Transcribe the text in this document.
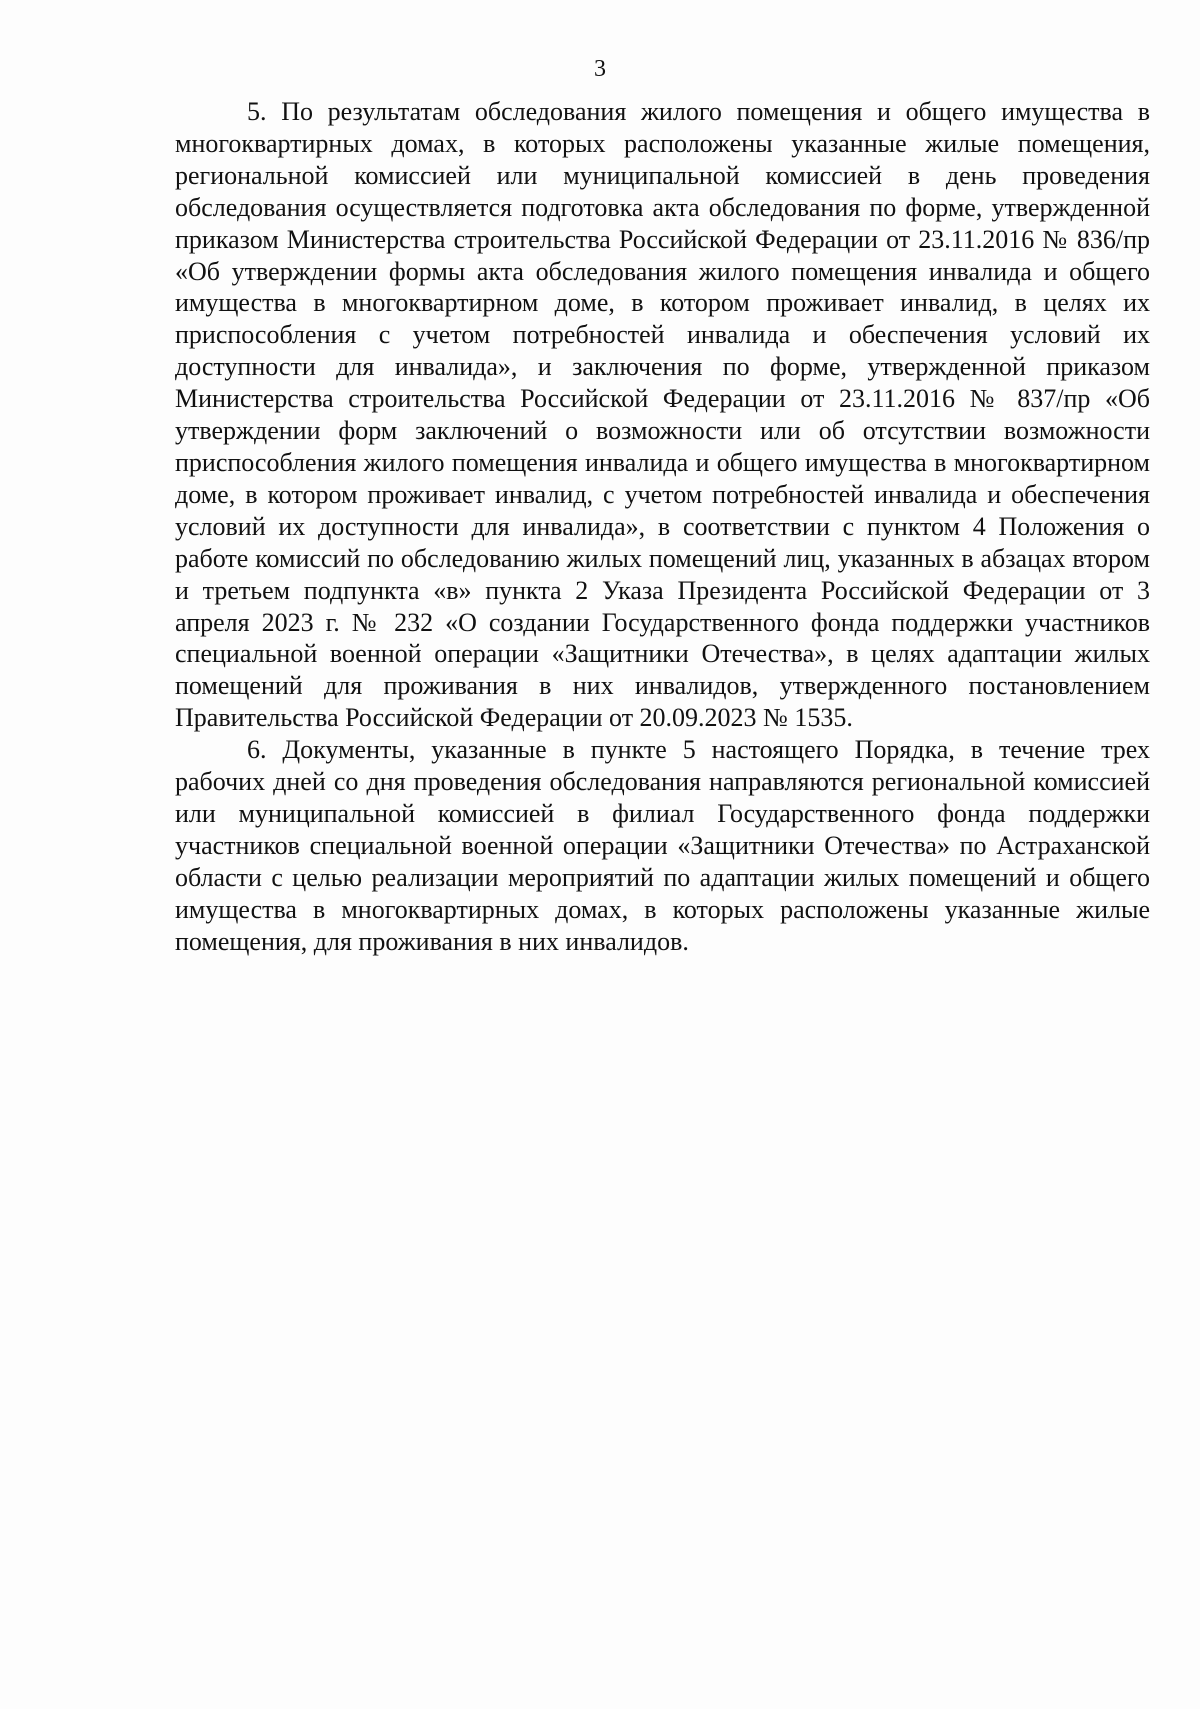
3

5. По результатам обследования жилого помещения и общего имущества в многоквартирных домах, в которых расположены указанные жилые помещения, региональной комиссией или муниципальной комиссией в день проведения обследования осуществляется подготовка акта обследования по форме, утвержденной приказом Министерства строительства Российской Федерации от 23.11.2016 № 836/пр «Об утверждении формы акта обследования жилого помещения инвалида и общего имущества в многоквартирном доме, в котором проживает инвалид, в целях их приспособления с учетом потребностей инвалида и обеспечения условий их доступности для инвалида», и заключения по форме, утвержденной приказом Министерства строительства Российской Федерации от 23.11.2016 № 837/пр «Об утверждении форм заключений о возможности или об отсутствии возможности приспособления жилого помещения инвалида и общего имущества в многоквартирном доме, в котором проживает инвалид, с учетом потребностей инвалида и обеспечения условий их доступности для инвалида», в соответствии с пунктом 4 Положения о работе комиссий по обследованию жилых помещений лиц, указанных в абзацах втором и третьем подпункта «в» пункта 2 Указа Президента Российской Федерации от 3 апреля 2023 г. № 232 «О создании Государственного фонда поддержки участников специальной военной операции «Защитники Отечества», в целях адаптации жилых помещений для проживания в них инвалидов, утвержденного постановлением Правительства Российской Федерации от 20.09.2023 № 1535.

6. Документы, указанные в пункте 5 настоящего Порядка, в течение трех рабочих дней со дня проведения обследования направляются региональной комиссией или муниципальной комиссией в филиал Государственного фонда поддержки участников специальной военной операции «Защитники Отечества» по Астраханской области с целью реализации мероприятий по адаптации жилых помещений и общего имущества в многоквартирных домах, в которых расположены указанные жилые помещения, для проживания в них инвалидов.
